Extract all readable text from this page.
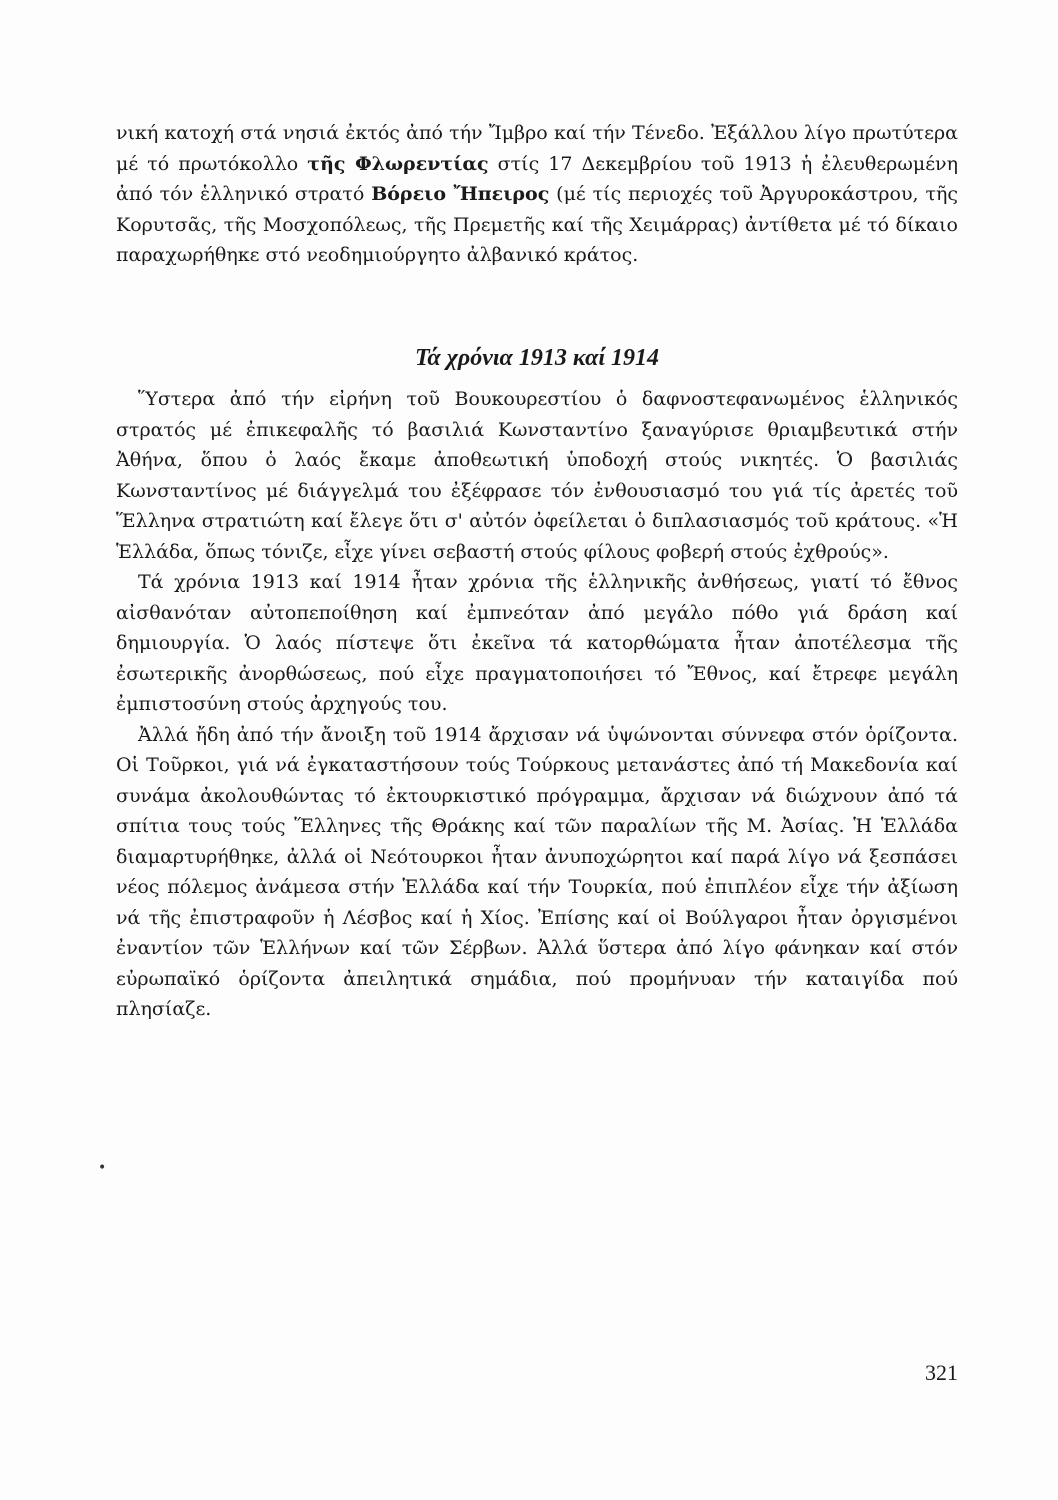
νική κατοχή στά νησιά ἐκτός ἀπό τήν Ἴμβρο καί τήν Τένεδο. Ἐξάλλου λίγο πρωτύτερα μέ τό πρωτόκολλο τῆς Φλωρεντίας στίς 17 Δεκεμβρίου τοῦ 1913 ἡ ἐλευθερωμένη ἀπό τόν ἑλληνικό στρατό Βόρειο Ἤπειρος (μέ τίς περιοχές τοῦ Ἀργυροκάστρου, τῆς Κορυτσᾶς, τῆς Μοσχοπόλεως, τῆς Πρεμετῆς καί τῆς Χειμάρρας) ἀντίθετα μέ τό δίκαιο παραχωρήθηκε στό νεοδημιούργητο ἀλβανικό κράτος.

Τά χρόνια 1913 καί 1914

Ὕστερα ἀπό τήν εἰρήνη τοῦ Βουκουρεστίου ὁ δαφνοστεφανωμένος ἑλληνικός στρατός μέ ἐπικεφαλῆς τό βασιλιά Κωνσταντίνο ξαναγύρισε θριαμβευτικά στήν Ἀθήνα, ὅπου ὁ λαός ἔκαμε ἀποθεωτική ὑποδοχή στούς νικητές. Ὁ βασιλιάς Κωνσταντίνος μέ διάγγελμά του ἐξέφρασε τόν ἐνθουσιασμό του γιά τίς ἀρετές τοῦ Ἕλληνα στρατιώτη καί ἔλεγε ὅτι σ' αὐτόν ὀφείλεται ὁ διπλασιασμός τοῦ κράτους. «Ἡ Ἑλλάδα, ὅπως τόνιζε, εἶχε γίνει σεβαστή στούς φίλους φοβερή στούς ἐχθρούς».

Τά χρόνια 1913 καί 1914 ἦταν χρόνια τῆς ἑλληνικῆς ἀνθήσεως, γιατί τό ἔθνος αἰσθανόταν αὐτοπεποίθηση καί ἐμπνεόταν ἀπό μεγάλο πόθο γιά δράση καί δημιουργία. Ὁ λαός πίστεψε ὅτι ἐκεῖνα τά κατορθώματα ἦταν ἀποτέλεσμα τῆς ἐσωτερικῆς ἀνορθώσεως, πού εἶχε πραγματοποιήσει τό Ἔθνος, καί ἔτρεφε μεγάλη ἐμπιστοσύνη στούς ἀρχηγούς του.

Ἀλλά ἤδη ἀπό τήν ἄνοιξη τοῦ 1914 ἄρχισαν νά ὑψώνονται σύννεφα στόν ὁρίζοντα. Οἱ Τοῦρκοι, γιά νά ἐγκαταστήσουν τούς Τούρκους μετανάστες ἀπό τή Μακεδονία καί συνάμα ἀκολουθώντας τό ἐκτουρκιστικό πρόγραμμα, ἄρχισαν νά διώχνουν ἀπό τά σπίτια τους τούς Ἕλληνες τῆς Θράκης καί τῶν παραλίων τῆς Μ. Ἀσίας. Ἡ Ἑλλάδα διαμαρτυρήθηκε, ἀλλά οἱ Νεότουρκοι ἦταν ἀνυποχώρητοι καί παρά λίγο νά ξεσπάσει νέος πόλεμος ἀνάμεσα στήν Ἑλλάδα καί τήν Τουρκία, πού ἐπιπλέον εἶχε τήν ἀξίωση νά τῆς ἐπιστραφοῦν ἡ Λέσβος καί ἡ Χίος. Ἐπίσης καί οἱ Βούλγαροι ἦταν ὀργισμένοι ἐναντίον τῶν Ἑλλήνων καί τῶν Σέρβων. Ἀλλά ὕστερα ἀπό λίγο φάνηκαν καί στόν εὐρωπαϊκό ὁρίζοντα ἀπειλητικά σημάδια, πού προμήνυαν τήν καταιγίδα πού πλησίαζε.

•
321
